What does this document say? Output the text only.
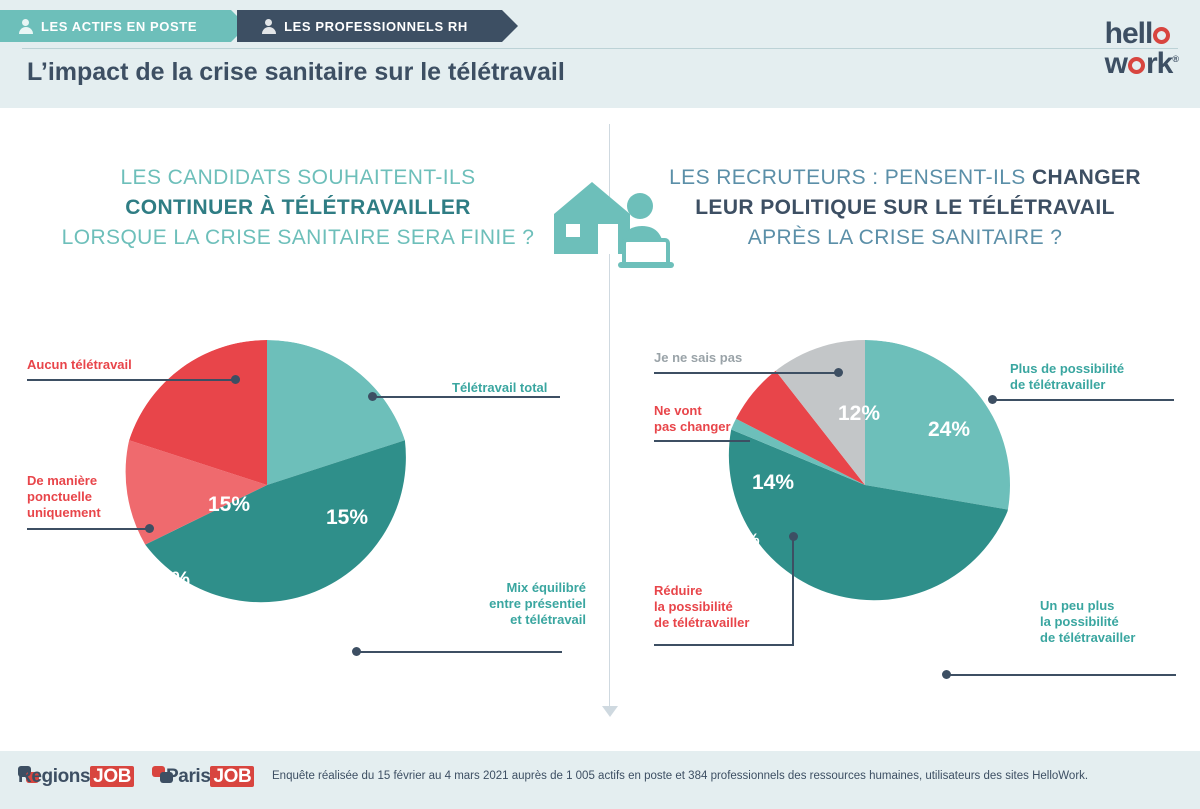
LES ACTIFS EN POSTE	LES PROFESSIONNELS RH
L’impact de la crise sanitaire sur le télétravail
hell
w rk®
LES CANDIDATS SOUHAITENT-ILS
CONTINUER À TÉLÉTRAVAILLER
LORSQUE LA CRISE SANITAIRE SERA FINIE ?
LES RECRUTEURS : PENSENT-ILS CHANGER
LEUR POLITIQUE SUR LE TÉLÉTRAVAIL
APRÈS LA CRISE SANITAIRE ?
15%
17%
53%
15%
Aucun télétravail
De manière
ponctuelle
uniquement
Télétravail total
Mix équilibré
entre présentiel
et télétravail
12%
14%
2%
49%
24%
Je ne sais pas
Ne vont
pas changer
Réduire
la possibilité
de télétravailler
Plus de possibilité
de télétravailler
Un peu plus
la possibilité
de télétravailler
Regions JOB Paris JOB Enquête réalisée du 15 février au 4 mars 2021 auprès de 1 005 actifs en poste et 384 professionnels des ressources humaines, utilisateurs des sites HelloWork.
